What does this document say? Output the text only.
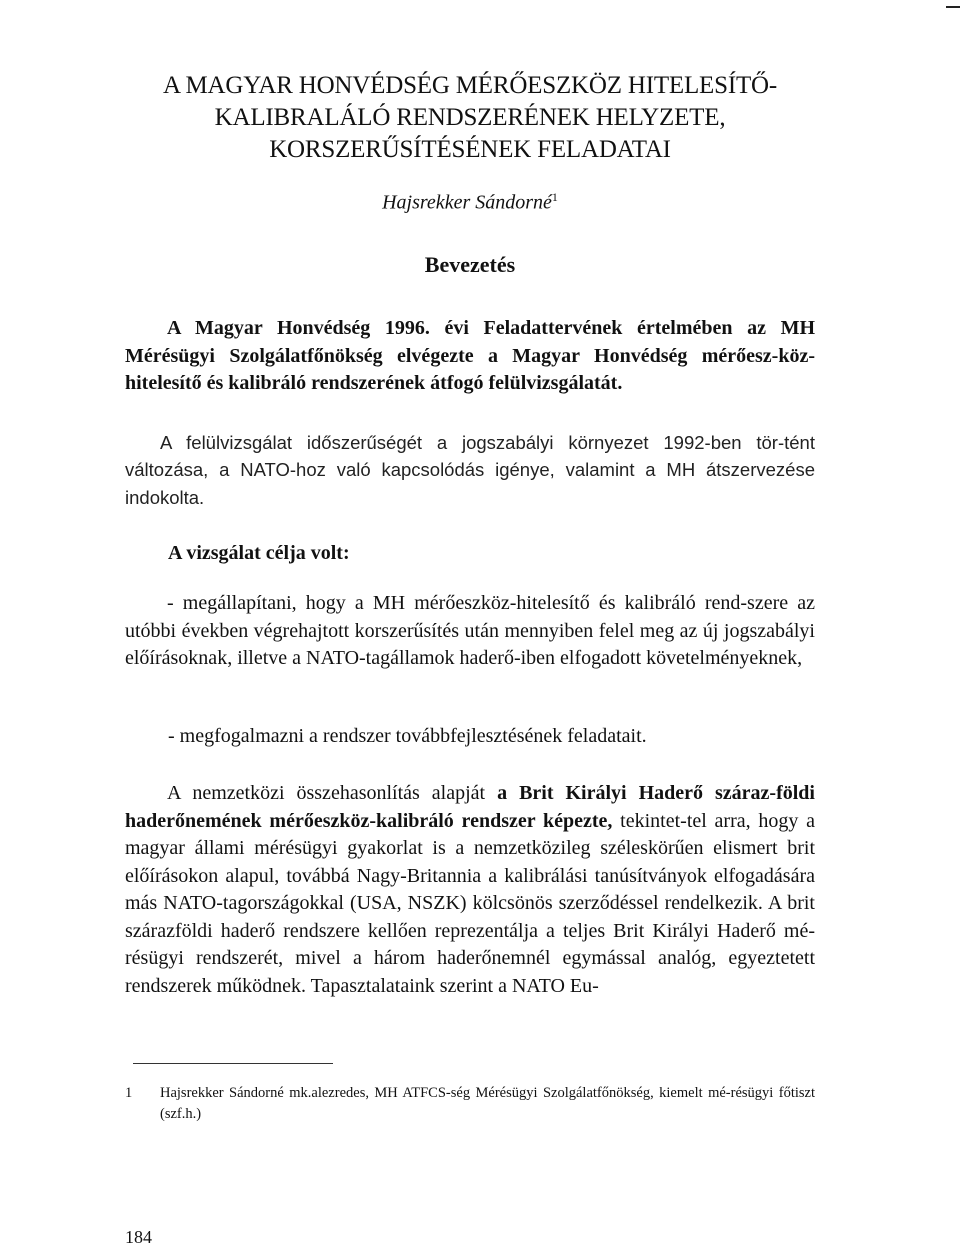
A MAGYAR HONVÉDSÉG MÉRŐESZKÖZ HITELESÍTŐ-
KALIBRALÁLÓ RENDSZERÉNEK HELYZETE,
KORSZERŰSÍTÉSÉNEK FELADATAI
Hajsrekker Sándorné$^1$
Bevezetés

A Magyar Honvédség 1996. évi Feladattervének értelmében az MH Mérésügyi Szolgálatfőnökség elvégezte a Magyar Honvédség mérőesz-köz-hitelesítő és kalibráló rendszerének átfogó felülvizsgálatát.

A felülvizsgálat időszerűségét a jogszabályi környezet 1992-ben tör-tént változása, a NATO-hoz való kapcsolódás igénye, valamint a MH átszervezése indokolta.

A vizsgálat célja volt:

- megállapítani, hogy a MH mérőeszköz-hitelesítő és kalibráló rend-szere az utóbbi években végrehajtott korszerűsítés után mennyiben felel meg az új jogszabályi előírásoknak, illetve a NATO-tagállamok haderő-iben elfogadott követelményeknek,

- megfogalmazni a rendszer továbbfejlesztésének feladatait.

A nemzetközi összehasonlítás alapját a Brit Királyi Haderő száraz-földi haderőnemének mérőeszköz-kalibráló rendszer képezte, tekintet-tel arra, hogy a magyar állami mérésügyi gyakorlat is a nemzetközileg széleskörűen elismert brit előírásokon alapul, továbbá Nagy-Britannia a kalibrálási tanúsítványok elfogadására más NATO-tagországokkal (USA, NSZK) kölcsönös szerződéssel rendelkezik. A brit szárazföldi haderő rendszere kellően reprezentálja a teljes Brit Királyi Haderő mé-résügyi rendszerét, mivel a három haderőnemnél egymással analóg, egyeztetett rendszerek működnek. Tapasztalataink szerint a NATO Eu-

1 Hajsrekker Sándorné mk.alezredes, MH ATFCS-ség Mérésügyi Szolgálatfőnökség, kiemelt mé-résügyi főtiszt (szf.h.)
184
